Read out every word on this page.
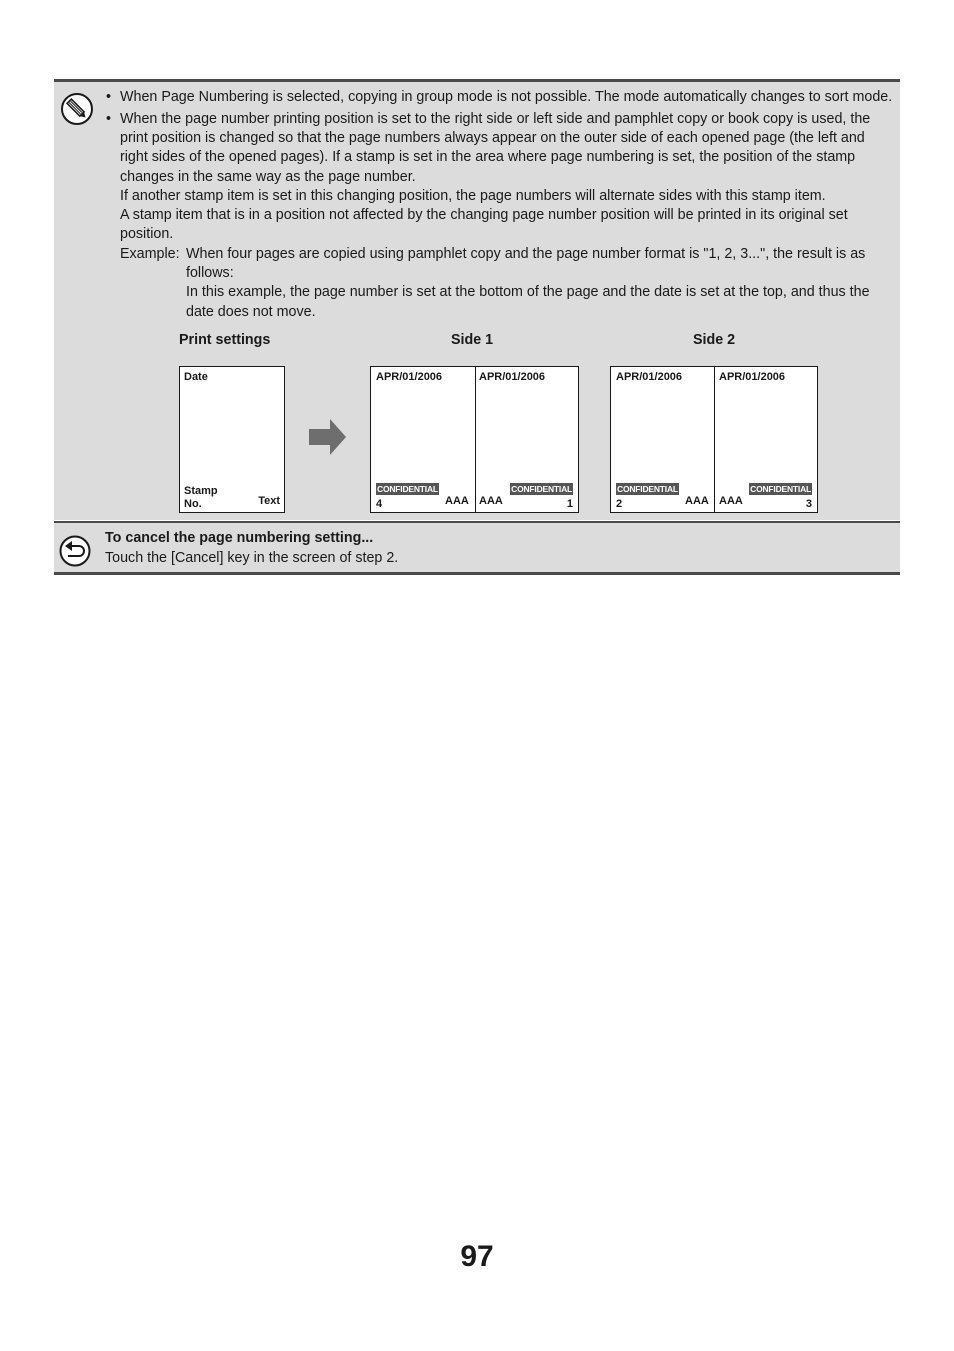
• When Page Numbering is selected, copying in group mode is not possible. The mode automatically changes to sort mode.
• When the page number printing position is set to the right side or left side and pamphlet copy or book copy is used, the print position is changed so that the page numbers always appear on the outer side of each opened page (the left and right sides of the opened pages). If a stamp is set in the area where page numbering is set, the position of the stamp changes in the same way as the page number.

If another stamp item is set in this changing position, the page numbers will alternate sides with this stamp item.

A stamp item that is in a position not affected by the changing page number position will be printed in its original set position.

Example: When four pages are copied using pamphlet copy and the page number format is "1, 2, 3...", the result is as follows:

In this example, the page number is set at the bottom of the page and the date is set at the top, and thus the date does not move.

Print settings	Side 1	Side 2
Date
Stamp
No.	Text
APR/01/2006
CONFIDENTIAL
4	AAA
APR/01/2006
CONFIDENTIAL
AAA	1
APR/01/2006
CONFIDENTIAL
2	AAA
APR/01/2006
CONFIDENTIAL
AAA	3
To cancel the page numbering setting...
Touch the [Cancel] key in the screen of step 2.
97
